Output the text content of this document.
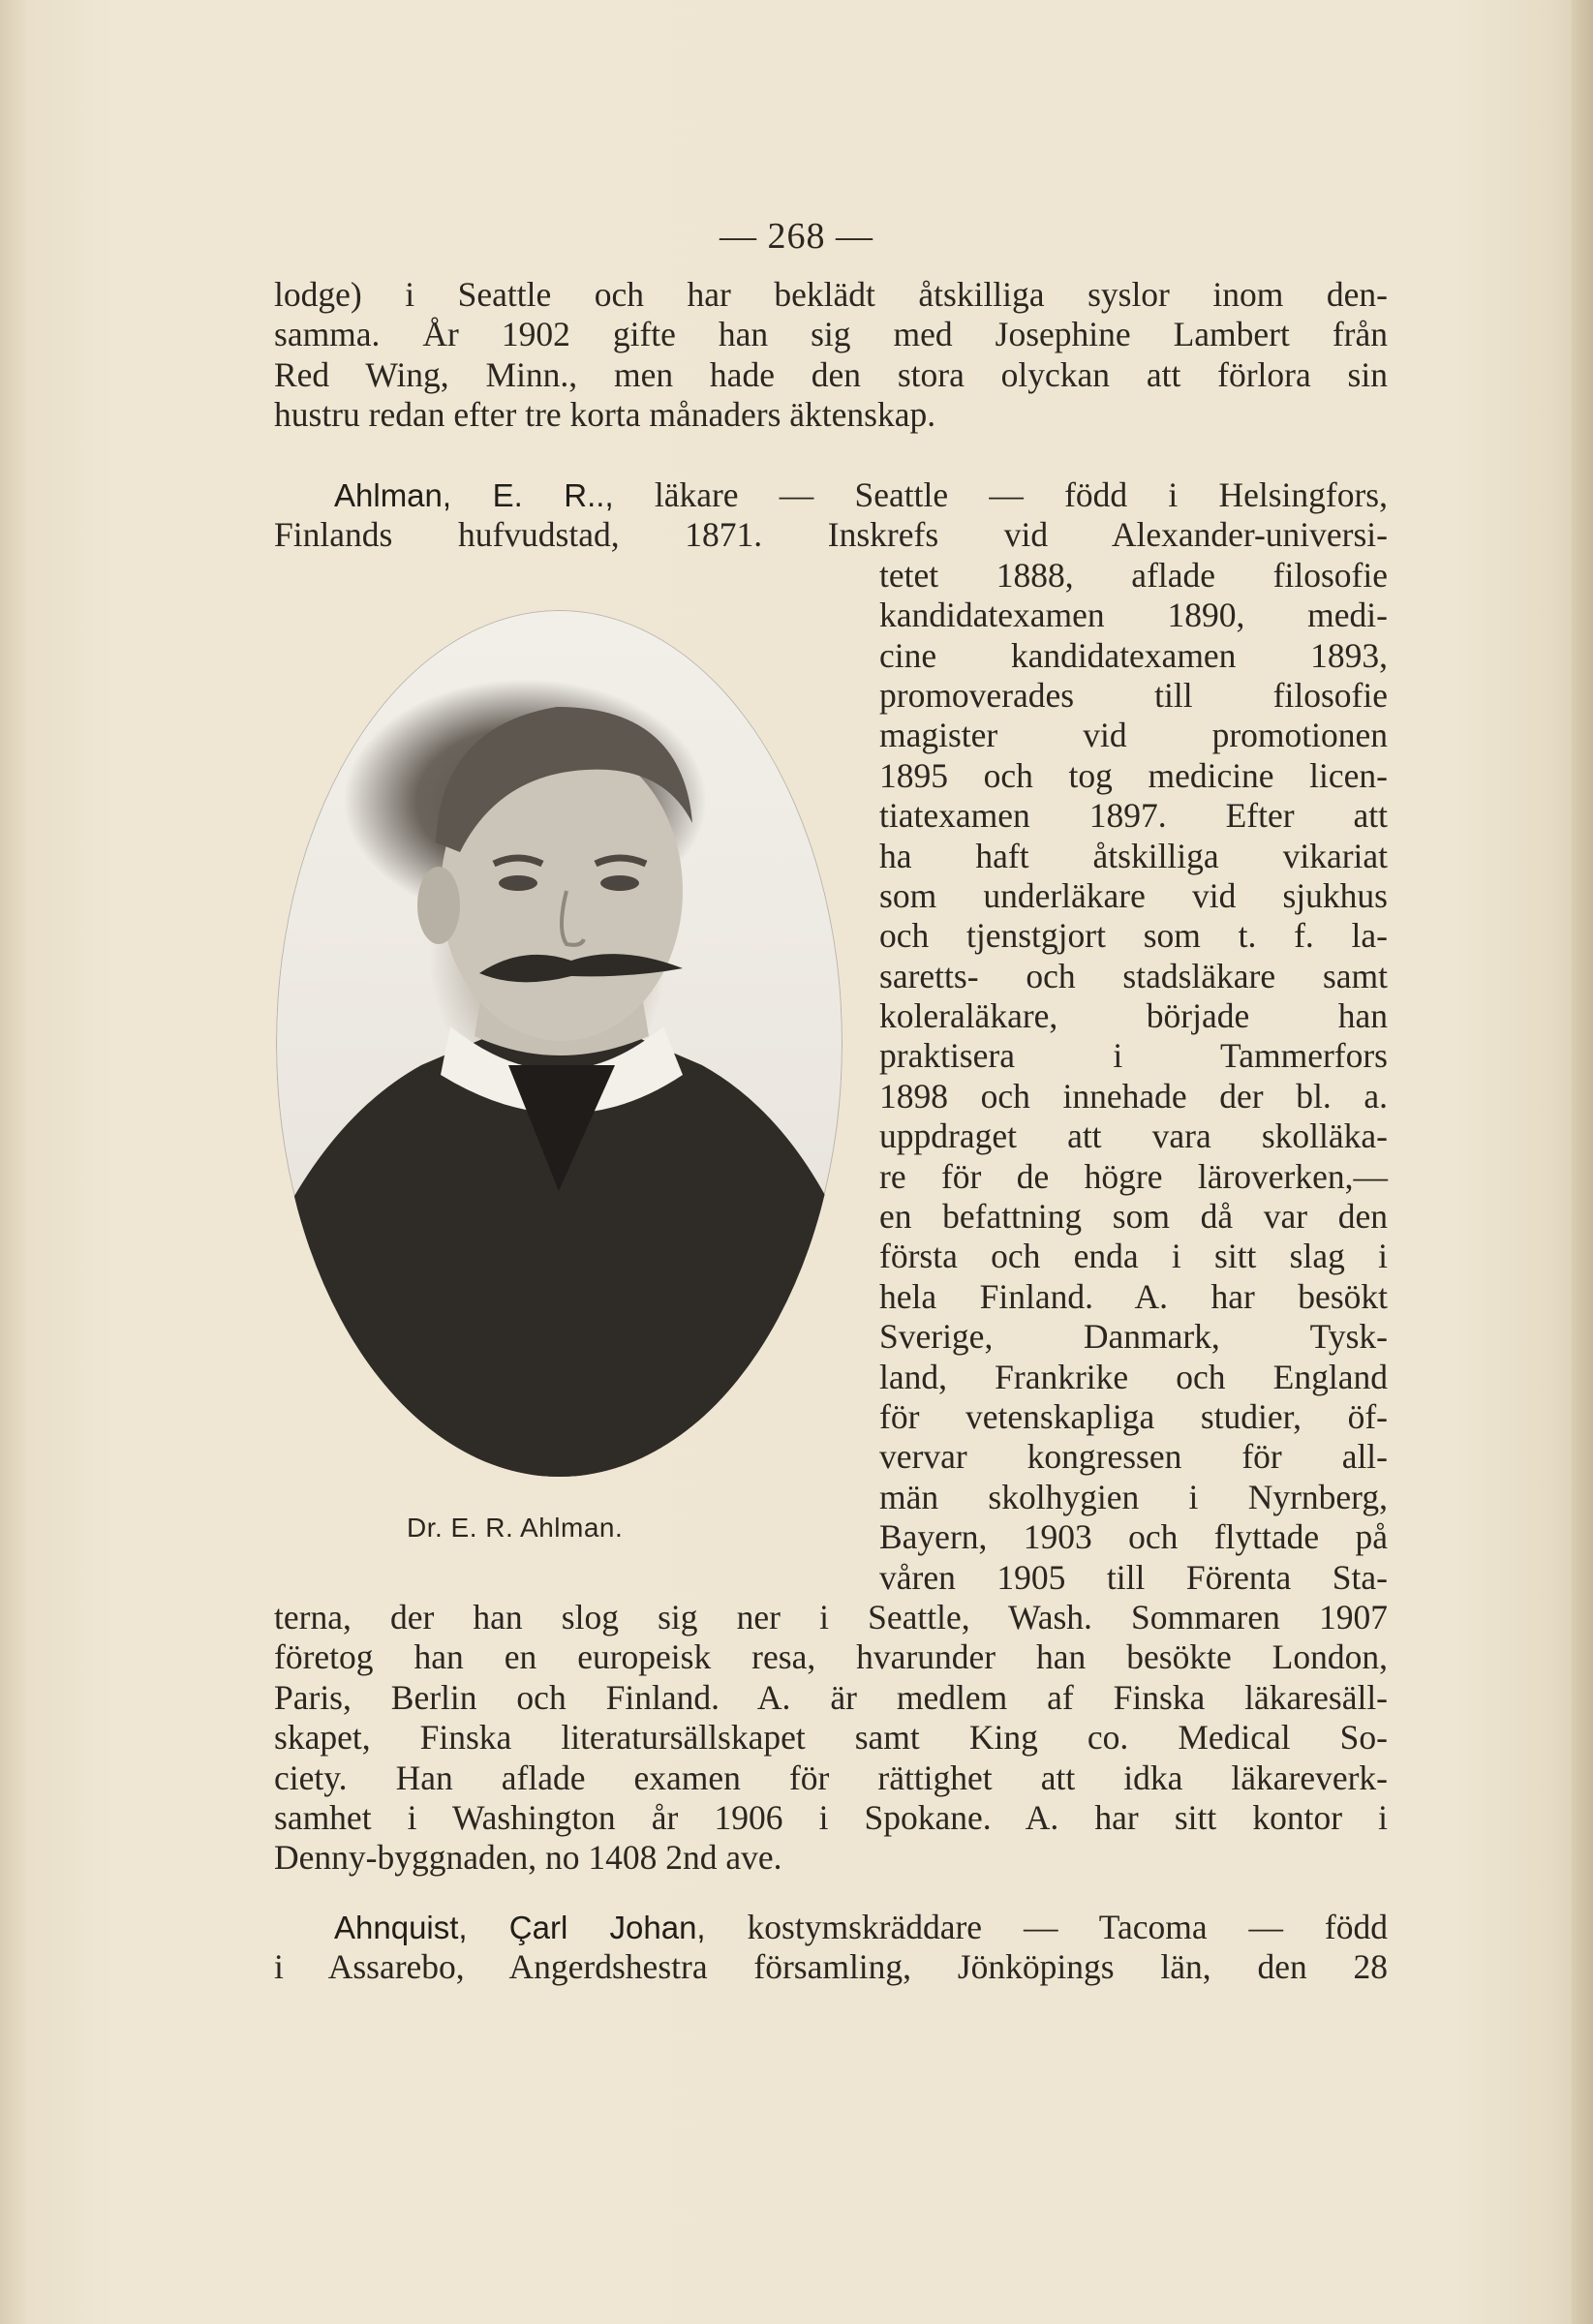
— 268 —
lodge) i Seattle och har beklädt åtskilliga syslor inom den-
samma. År 1902 gifte han sig med Josephine Lambert från
Red Wing, Minn., men hade den stora olyckan att förlora sin
hustru redan efter tre korta månaders äktenskap.
Ahlman, E. R.., läkare — Seattle — född i Helsingfors,
Finlands hufvudstad, 1871. Inskrefs vid Alexander-universi-
tetet 1888, aflade filosofie
kandidatexamen 1890, medi-
cine kandidatexamen 1893,
promoverades till filosofie
magister vid promotionen
1895 och tog medicine licen-
tiatexamen 1897. Efter att
ha haft åtskilliga vikariat
som underläkare vid sjukhus
och tjenstgjort som t. f. la-
saretts- och stadsläkare samt
koleraläkare, började han
praktisera i Tammerfors
1898 och innehade der bl. a.
uppdraget att vara skolläka-
re för de högre läroverken,—
en befattning som då var den
första och enda i sitt slag i
hela Finland. A. har besökt
Sverige, Danmark, Tysk-
land, Frankrike och England
för vetenskapliga studier, öf-
vervar kongressen för all-
män skolhygien i Nyrnberg,
Bayern, 1903 och flyttade på
våren 1905 till Förenta Sta-
terna, der han slog sig ner i Seattle, Wash. Sommaren 1907
företog han en europeisk resa, hvarunder han besökte London,
Paris, Berlin och Finland. A. är medlem af Finska läkaresäll-
skapet, Finska literatursällskapet samt King co. Medical So-
ciety. Han aflade examen för rättighet att idka läkareverk-
samhet i Washington år 1906 i Spokane. A. har sitt kontor i
Denny-byggnaden, no 1408 2nd ave.
Dr. E. R. Ahlman.
Ahnquist, Çarl Johan, kostymskräddare — Tacoma — född
i Assarebo, Angerdshestra församling, Jönköpings län, den 28
